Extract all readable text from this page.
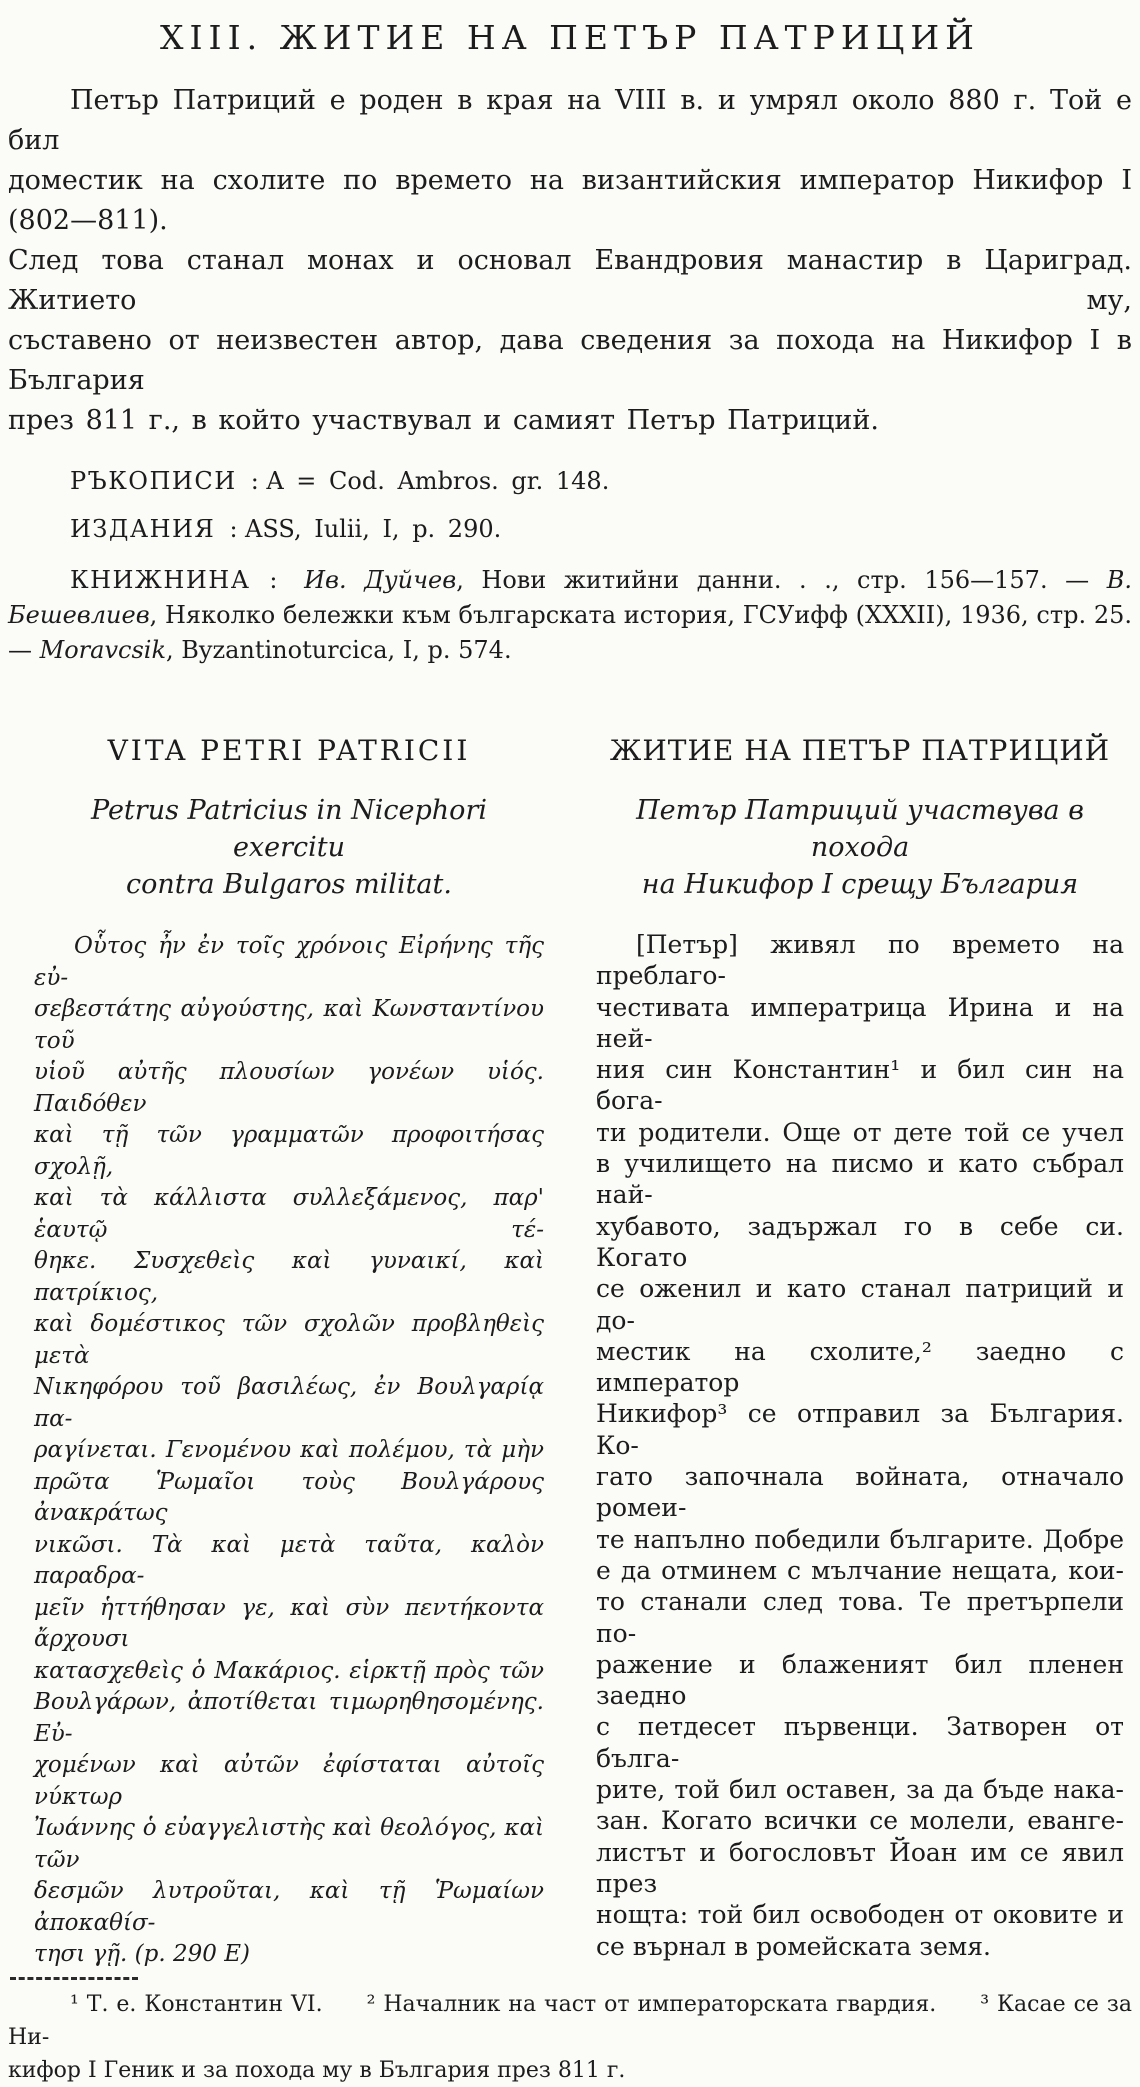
XIII. ЖИТИЕ НА ПЕТЪР ПАТРИЦИЙ
Петър Патриций е роден в края на VIII в. и умрял около 880 г. Той е бил
доместик на схолите по времето на византийския император Никифор I (802—811).
След това станал монах и основал Евандровия манастир в Цариград. Житието му,
съставено от неизвестен автор, дава сведения за похода на Никифор I в България
през 811 г., в който участвувал и самият Петър Патриций.

РЪКОПИСИ : A = Cod. Ambros. gr. 148.

ИЗДАНИЯ : ASS, Iulii, I, p. 290.

КНИЖНИНА : Ив. Дуйчев, Нови житийни данни. . ., стр. 156—157. — В. Бешевлиев, Няколко бележки към българската история, ГСУифф (XXXII), 1936, стр. 25. — Moravcsik, Byzantinoturcica, I, p. 574.

VITA PETRI PATRICII
Petrus Patricius in Nicephori exercitu
contra Bulgaros militat.
Οὗτος ἦν ἐν τοῖς χρόνοις Εἰρήνης τῆς εὐ-
σεβεστάτης αὐγούστης, καὶ Κωνσταντίνου τοῦ
υἱοῦ αὐτῆς πλουσίων γονέων υἱός. Παιδόθεν
καὶ τῇ τῶν γραμματῶν προφοιτήσας σχολῇ,
καὶ τὰ κάλλιστα συλλεξάμενος, παρ' ἑαυτῷ τέ-
θηκε. Συσχεθεὶς καὶ γυναικί, καὶ πατρίκιος,
καὶ δομέστικος τῶν σχολῶν προβληθεὶς μετὰ
Νικηφόρου τοῦ βασιλέως, ἐν Βουλγαρίᾳ πα-
ραγίνεται. Γενομένου καὶ πολέμου, τὰ μὴν
πρῶτα Ῥωμαῖοι τοὺς Βουλγάρους ἀνακράτως
νικῶσι. Τὰ καὶ μετὰ ταῦτα, καλὸν παραδρα-
μεῖν ἡττήθησαν γε, καὶ σὺν πεντήκοντα ἄρχουσι
κατασχεθεὶς ὁ Μακάριος. εἱρκτῇ πρὸς τῶν
Βουλγάρων, ἀποτίθεται τιμωρηθησομένης. Εὐ-
χομένων καὶ αὐτῶν ἐφίσταται αὐτοῖς νύκτωρ
Ἰωάννης ὁ εὐαγγελιστὴς καὶ θεολόγος, καὶ τῶν
δεσμῶν λυτροῦται, καὶ τῇ Ῥωμαίων ἀποκαθίσ-
τησι γῇ. (p. 290 E)
ЖИТИЕ НА ПЕТЪР ПАТРИЦИЙ
Петър Патриций участвува в похода
на Никифор I срещу България
[Петър] живял по времето на преблаго-
честивата императрица Ирина и на ней-
ния син Константин¹ и бил син на бога-
ти родители. Още от дете той се учел
в училището на писмо и като събрал най-
хубавото, задържал го в себе си. Когато
се оженил и като станал патриций и до-
местик на схолите,² заедно с император
Никифор³ се отправил за България. Ко-
гато започнала войната, отначало ромеи-
те напълно победили българите. Добре
е да отминем с мълчание нещата, кои-
то станали след това. Те претърпели по-
ражение и блаженият бил пленен заедно
с петдесет първенци. Затворен от бълга-
рите, той бил оставен, за да бъде нака-
зан. Когато всички се молели, еванге-
листът и богословът Йоан им се явил през
нощта: той бил освободен от оковите и
се върнал в ромейската земя.
¹ Т. е. Константин VI.  ² Началник на част от императорската гвардия.  ³ Касае се за Ни-
кифор I Геник и за похода му в България през 811 г.
